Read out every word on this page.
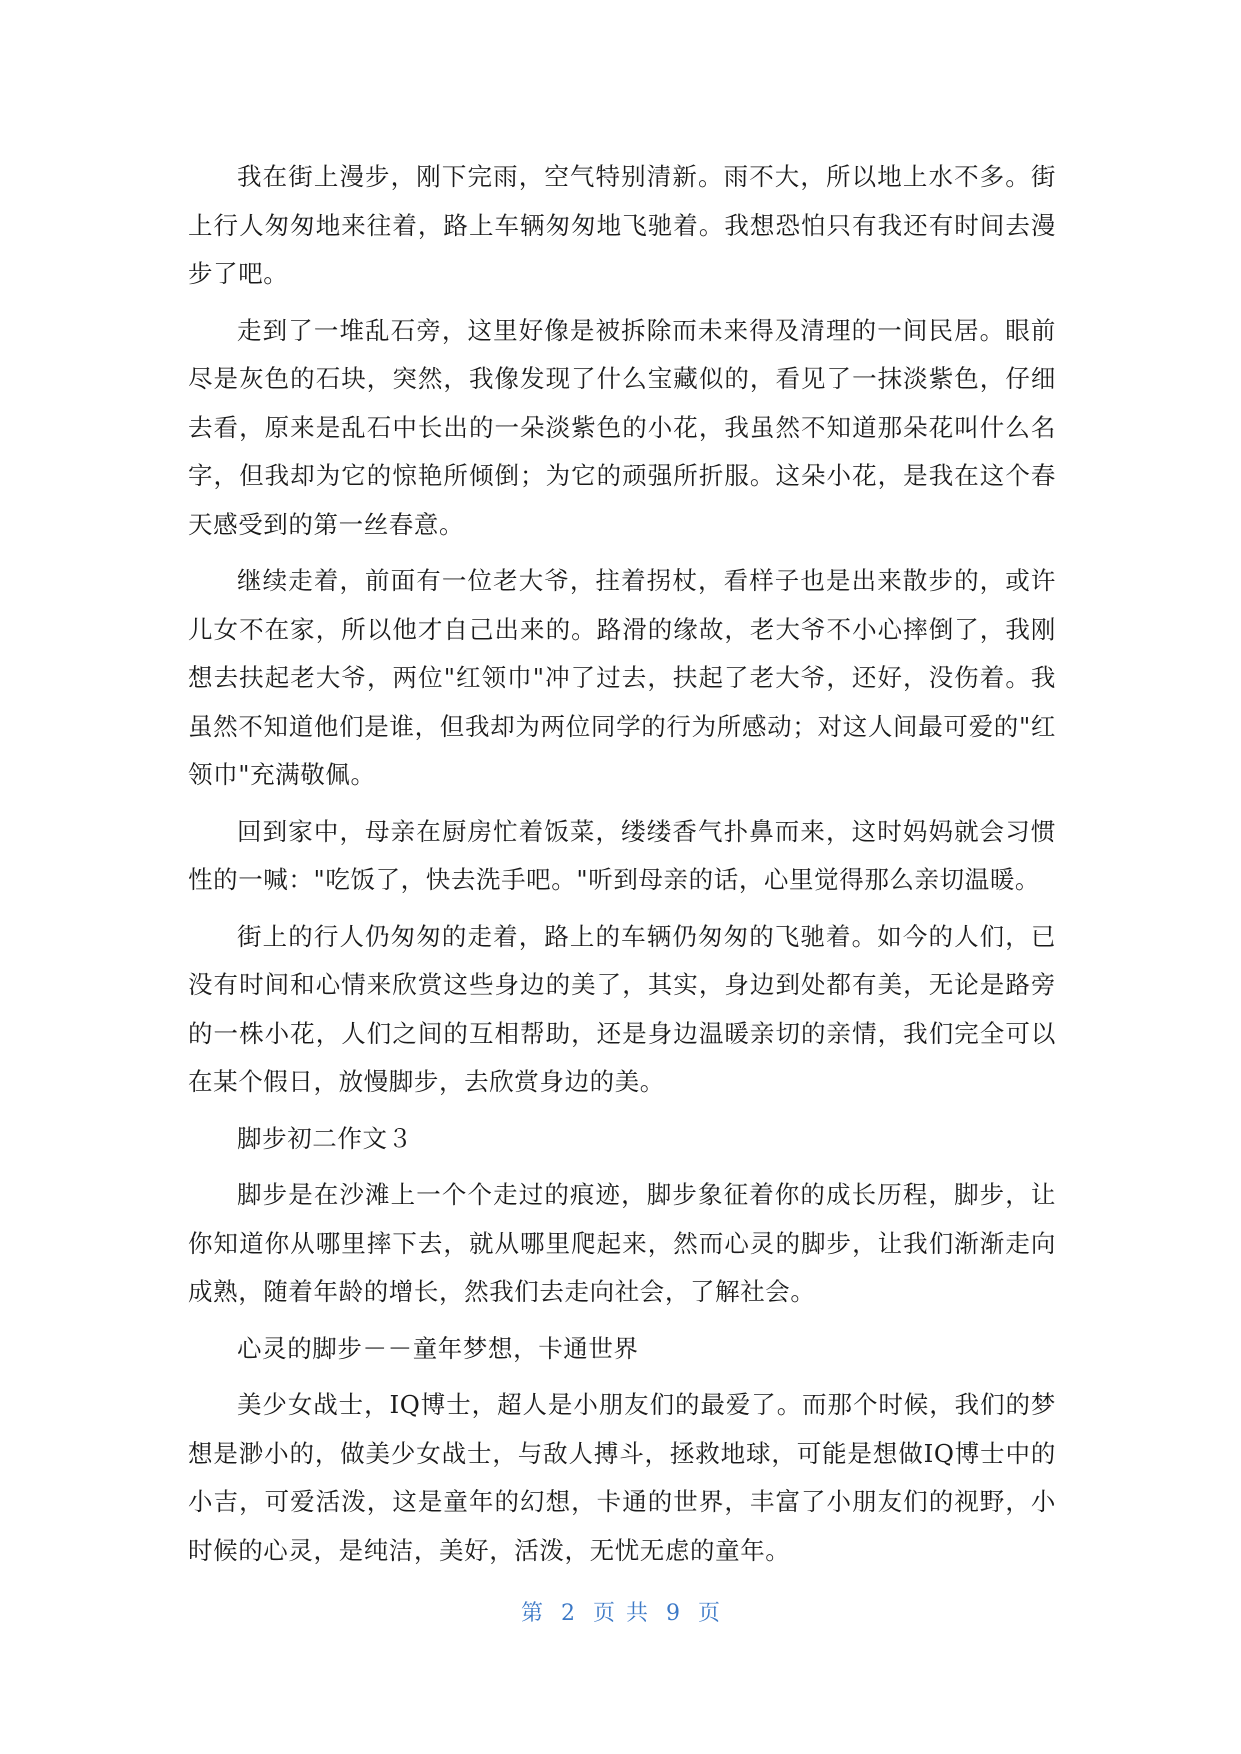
我在街上漫步，刚下完雨，空气特别清新。雨不大，所以地上水不多。街上行人匆匆地来往着，路上车辆匆匆地飞驰着。我想恐怕只有我还有时间去漫步了吧。

走到了一堆乱石旁，这里好像是被拆除而未来得及清理的一间民居。眼前尽是灰色的石块，突然，我像发现了什么宝藏似的，看见了一抹淡紫色，仔细去看，原来是乱石中长出的一朵淡紫色的小花，我虽然不知道那朵花叫什么名字，但我却为它的惊艳所倾倒；为它的顽强所折服。这朵小花，是我在这个春天感受到的第一丝春意。

继续走着，前面有一位老大爷，拄着拐杖，看样子也是出来散步的，或许儿女不在家，所以他才自己出来的。路滑的缘故，老大爷不小心摔倒了，我刚想去扶起老大爷，两位"红领巾"冲了过去，扶起了老大爷，还好，没伤着。我虽然不知道他们是谁，但我却为两位同学的行为所感动；对这人间最可爱的"红领巾"充满敬佩。

回到家中，母亲在厨房忙着饭菜，缕缕香气扑鼻而来，这时妈妈就会习惯性的一喊："吃饭了，快去洗手吧。"听到母亲的话，心里觉得那么亲切温暖。

街上的行人仍匆匆的走着，路上的车辆仍匆匆的飞驰着。如今的人们，已没有时间和心情来欣赏这些身边的美了，其实，身边到处都有美，无论是路旁的一株小花，人们之间的互相帮助，还是身边温暖亲切的亲情，我们完全可以在某个假日，放慢脚步，去欣赏身边的美。

脚步初二作文３

脚步是在沙滩上一个个走过的痕迹，脚步象征着你的成长历程，脚步，让你知道你从哪里摔下去，就从哪里爬起来，然而心灵的脚步，让我们渐渐走向成熟，随着年龄的增长，然我们去走向社会，了解社会。

心灵的脚步－－童年梦想，卡通世界

美少女战士，IQ博士，超人是小朋友们的最爱了。而那个时候，我们的梦想是渺小的，做美少女战士，与敌人搏斗，拯救地球，可能是想做IQ博士中的小吉，可爱活泼，这是童年的幻想，卡通的世界，丰富了小朋友们的视野，小时候的心灵，是纯洁，美好，活泼，无忧无虑的童年。

第 2 页 共 9 页
